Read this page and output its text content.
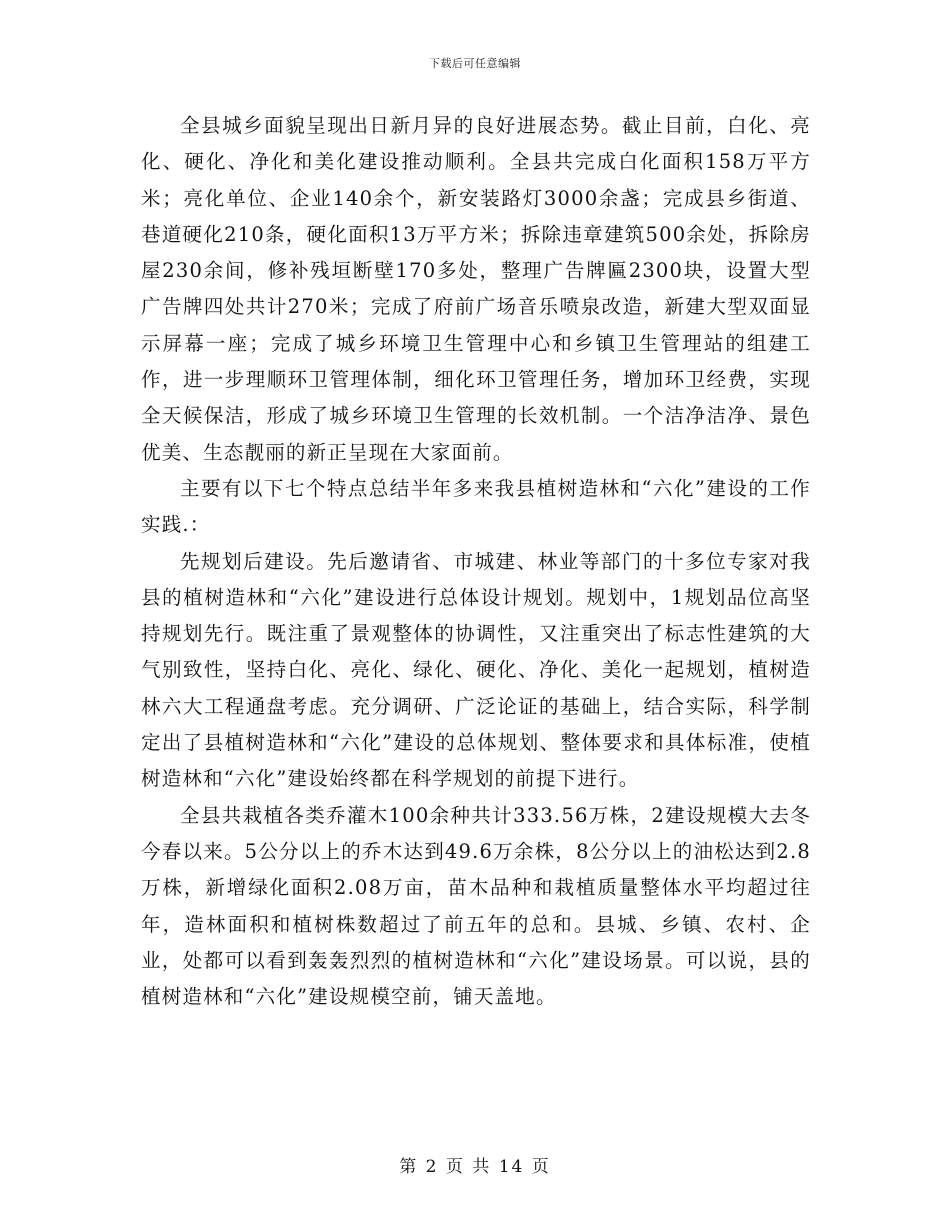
下载后可任意编辑

全县城乡面貌呈现出日新月异的良好进展态势。截止目前，白化、亮化、硬化、净化和美化建设推动顺利。全县共完成白化面积158万平方米；亮化单位、企业140余个，新安装路灯3000余盏；完成县乡街道、巷道硬化210条，硬化面积13万平方米；拆除违章建筑500余处，拆除房屋230余间，修补残垣断壁170多处，整理广告牌匾2300块，设置大型广告牌四处共计270米；完成了府前广场音乐喷泉改造，新建大型双面显示屏幕一座；完成了城乡环境卫生管理中心和乡镇卫生管理站的组建工作，进一步理顺环卫管理体制，细化环卫管理任务，增加环卫经费，实现全天候保洁，形成了城乡环境卫生管理的长效机制。一个洁净洁净、景色优美、生态靓丽的新正呈现在大家面前。

主要有以下七个特点总结半年多来我县植树造林和“六化”建设的工作实践.：

先规划后建设。先后邀请省、市城建、林业等部门的十多位专家对我县的植树造林和“六化”建设进行总体设计规划。规划中，1规划品位高坚持规划先行。既注重了景观整体的协调性，又注重突出了标志性建筑的大气别致性，坚持白化、亮化、绿化、硬化、净化、美化一起规划，植树造林六大工程通盘考虑。充分调研、广泛论证的基础上，结合实际，科学制定出了县植树造林和“六化”建设的总体规划、整体要求和具体标准，使植树造林和“六化”建设始终都在科学规划的前提下进行。

全县共栽植各类乔灌木100余种共计333.56万株，2建设规模大去冬今春以来。5公分以上的乔木达到49.6万余株，8公分以上的油松达到2.8万株，新增绿化面积2.08万亩，苗木品种和栽植质量整体水平均超过往年，造林面积和植树株数超过了前五年的总和。县城、乡镇、农村、企业，处都可以看到轰轰烈烈的植树造林和“六化”建设场景。可以说，县的植树造林和“六化”建设规模空前，铺天盖地。

第 2 页 共 14 页
